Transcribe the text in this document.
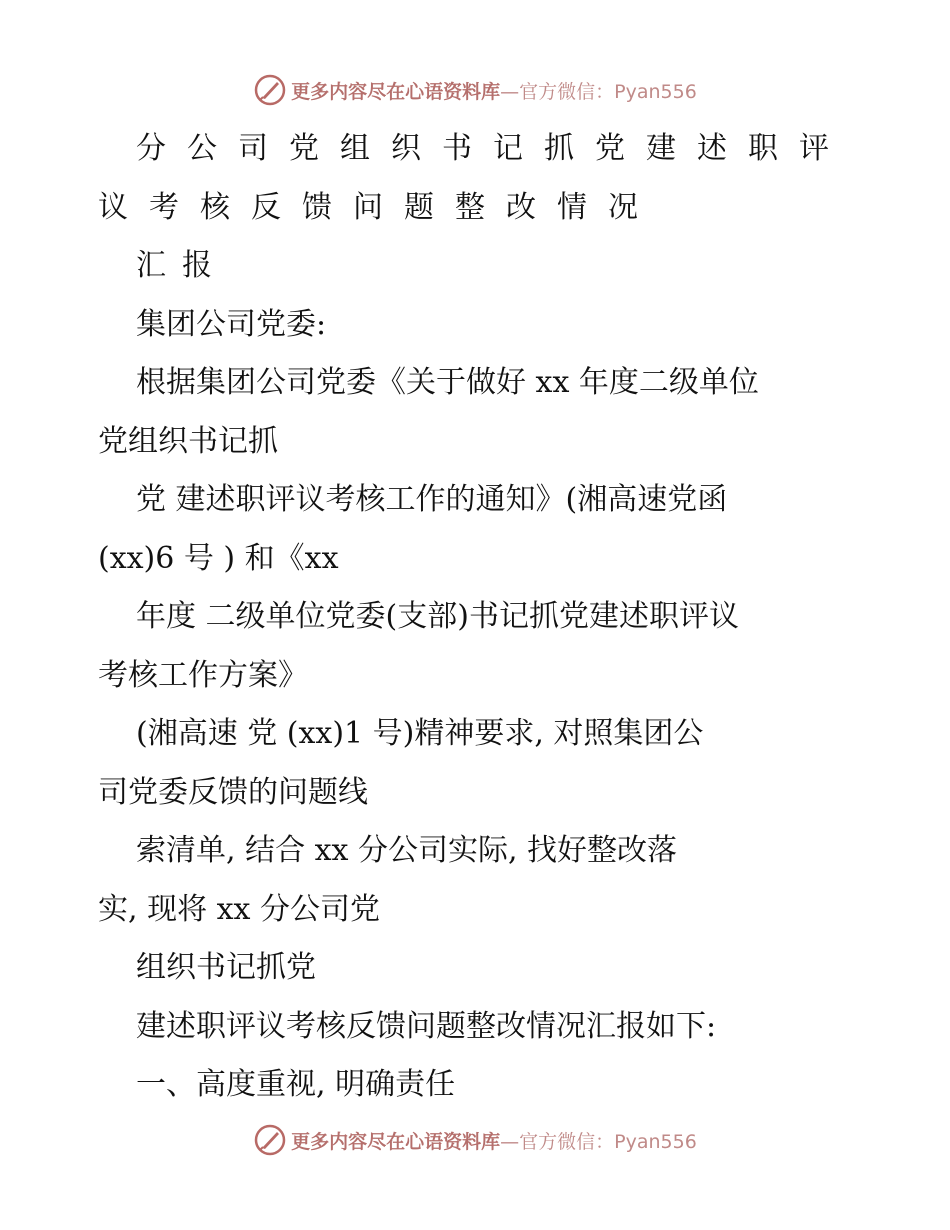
更多内容尽在心语资料库—官方微信：Pyan556
分公司党组织书记抓党建述职评
议考核反馈问题整改情况
汇报
集团公司党委:
根据集团公司党委《关于做好 xx 年度二级单位
党组织书记抓
党 建述职评议考核工作的通知》(湘高速党函
(xx)6 号 ) 和《xx
年度 二级单位党委(支部)书记抓党建述职评议
考核工作方案》
(湘高速 党 (xx)1 号)精神要求, 对照集团公
司党委反馈的问题线
索清单, 结合 xx 分公司实际, 找好整改落
实, 现将 xx 分公司党
组织书记抓党
建述职评议考核反馈问题整改情况汇报如下:
一、高度重视, 明确责任
更多内容尽在心语资料库—官方微信：Pyan556
